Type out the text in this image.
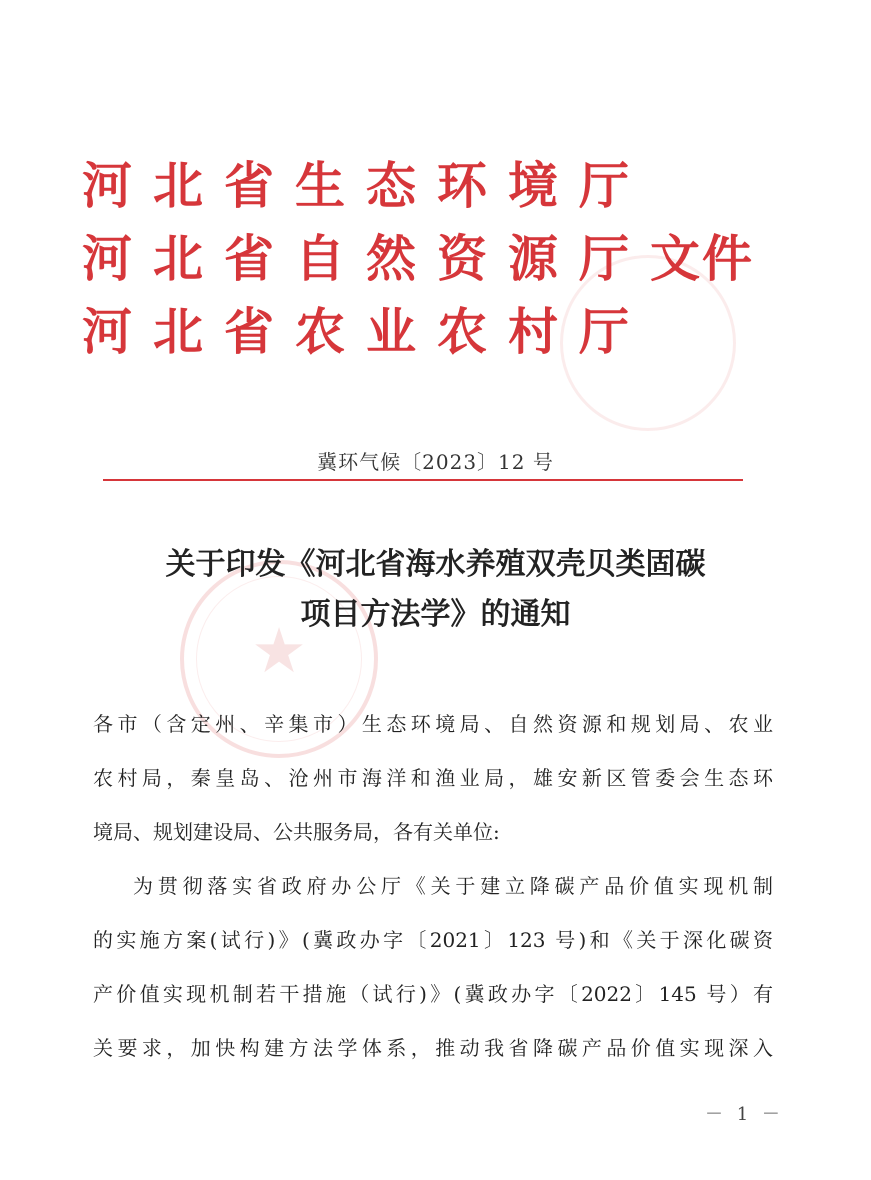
★
河 北 省 生 态 环 境 厅
河 北 省 自 然 资 源 厅 文件
河 北 省 农 业 农 村 厅
冀环气候〔2023〕12 号
关于印发《河北省海水养殖双壳贝类固碳
项目方法学》的通知
各市（含定州、辛集市）生态环境局、自然资源和规划局、农业
农村局，秦皇岛、沧州市海洋和渔业局，雄安新区管委会生态环
境局、规划建设局、公共服务局，各有关单位:
为贯彻落实省政府办公厅《关于建立降碳产品价值实现机制
的实施方案(试行)》(冀政办字〔2021〕123 号)和《关于深化碳资
产价值实现机制若干措施（试行)》(冀政办字〔2022〕145 号）有
关要求，加快构建方法学体系，推动我省降碳产品价值实现深入
－ 1 －
